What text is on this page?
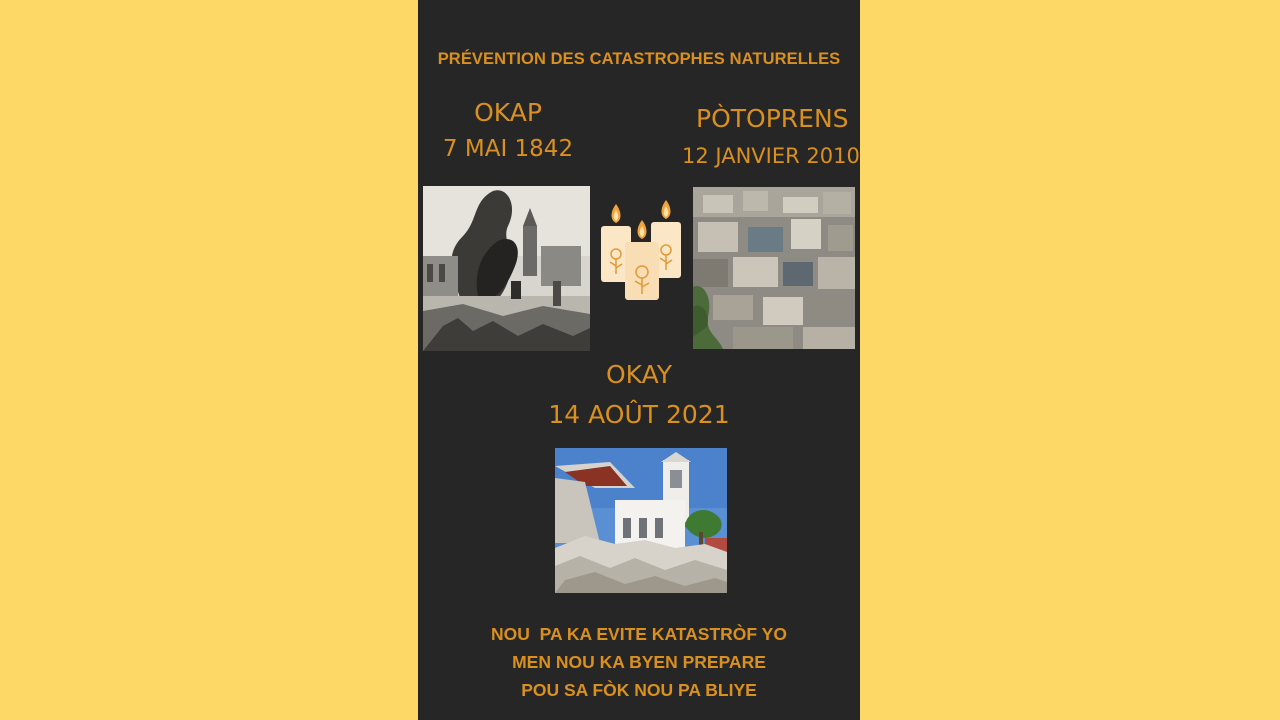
PRÉVENTION DES CATASTROPHES NATURELLES
OKAP
7 MAI 1842
PÒTOPRENS
12 JANVIER 2010
OKAY
14 AOÛT 2021
NOU  PA KA EVITE KATASTRÒF YO
MEN NOU KA BYEN PREPARE
POU SA FÒK NOU PA BLIYE
